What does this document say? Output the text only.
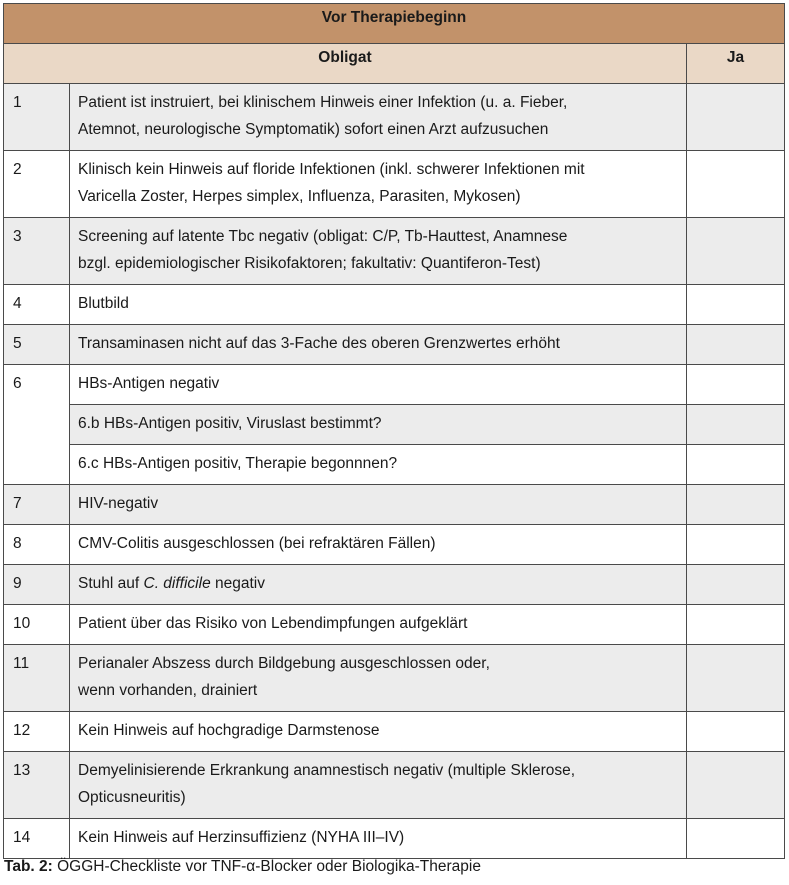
Vor Therapiebeginn		
Obligat		Ja
1	Patient ist instruiert, bei klinischem Hinweis einer Infektion (u. a. Fieber,
Atemnot, neurologische Symptomatik) sofort einen Arzt aufzusuchen	

2	Klinisch kein Hinweis auf floride Infektionen (inkl. schwerer Infektionen mit
Varicella Zoster, Herpes simplex, Influenza, Parasiten, Mykosen)	

3	Screening auf latente Tbc negativ (obligat: C/P, Tb-Hauttest, Anamnese
bzgl. epidemiologischer Risikofaktoren; fakultativ: Quantiferon-Test)	

4	Blutbild	

5	Transaminasen nicht auf das 3-Fache des oberen Grenzwertes erhöht	

6	HBs-Antigen negativ	

	6.b HBs-Antigen positiv, Viruslast bestimmt?	

	6.c HBs-Antigen positiv, Therapie begonnnen?	

7	HIV-negativ	

8	CMV-Colitis ausgeschlossen (bei refraktären Fällen)	

9	Stuhl auf C. difficile negativ	

10	Patient über das Risiko von Lebendimpfungen aufgeklärt	

11	Perianaler Abszess durch Bildgebung ausgeschlossen oder,
wenn vorhanden, drainiert	

12	Kein Hinweis auf hochgradige Darmstenose	

13	Demyelinisierende Erkrankung anamnestisch negativ (multiple Sklerose,
Opticusneuritis)	

14	Kein Hinweis auf Herzinsuffizienz (NYHA III–IV)	

Tab. 2: ÖGGH-Checkliste vor TNF-α-Blocker oder Biologika-Therapie
